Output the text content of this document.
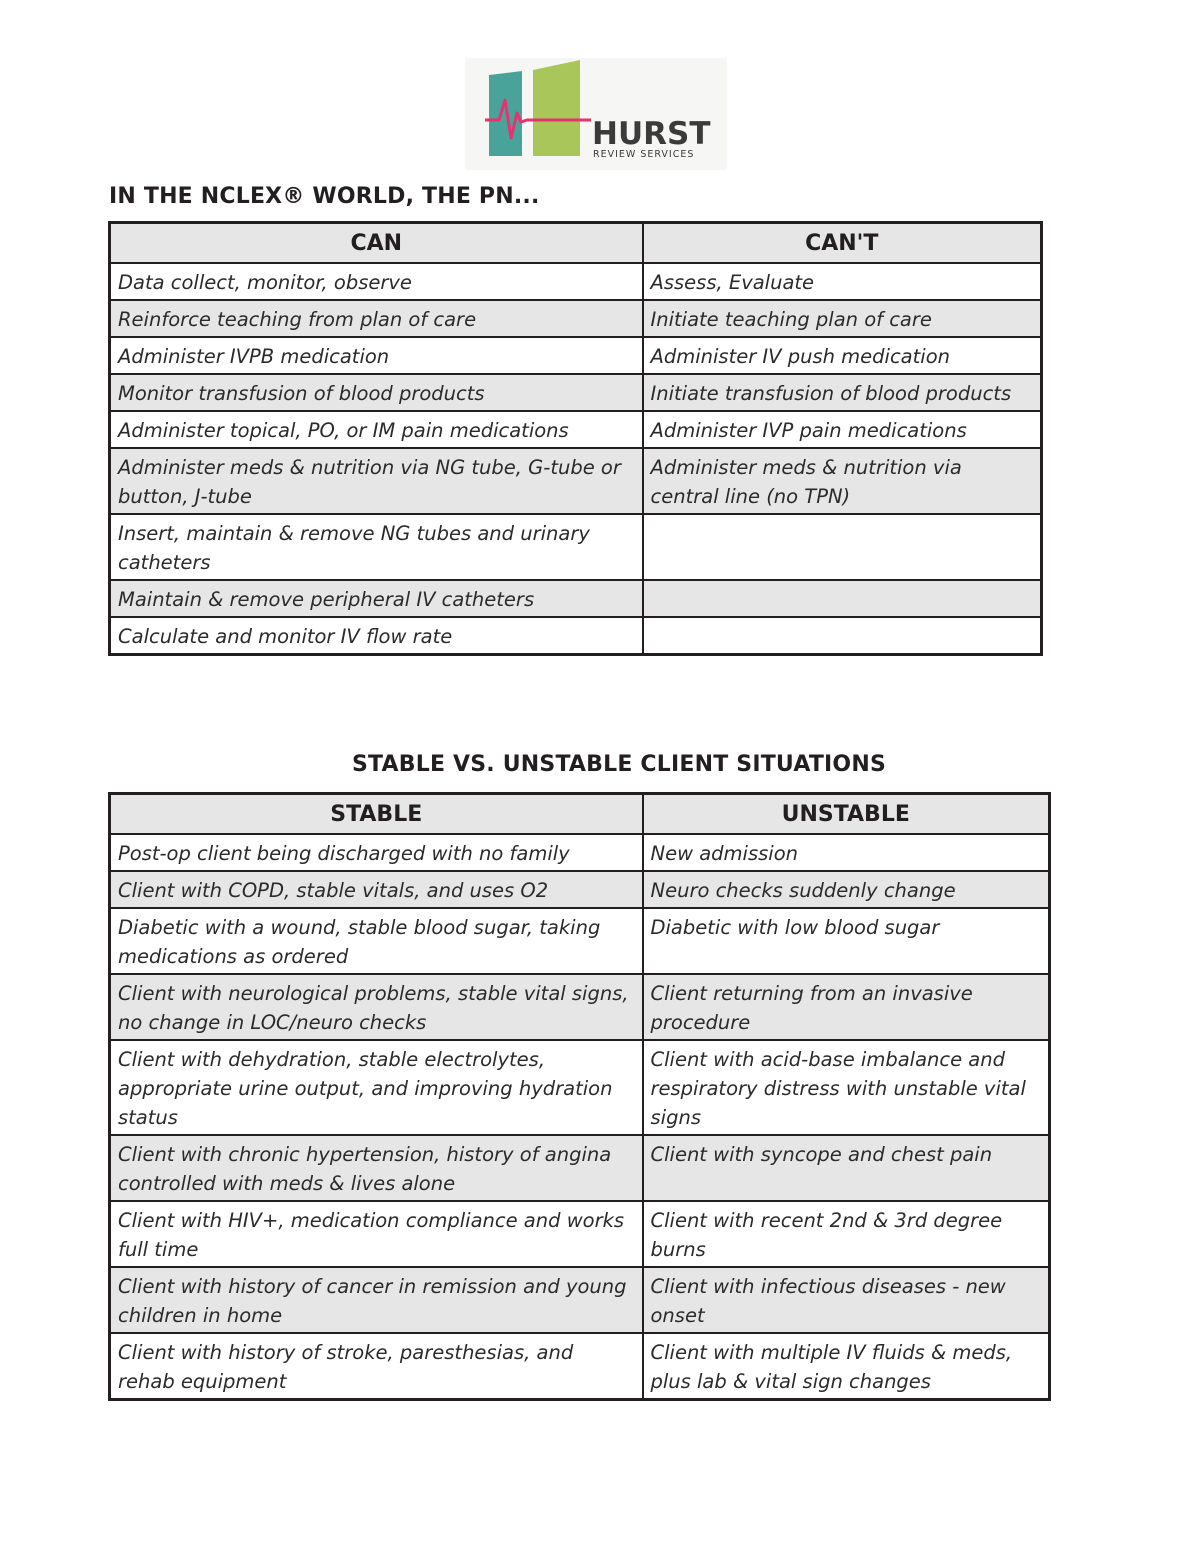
HURST
REVIEW SERVICES
IN THE NCLEX® WORLD, THE PN...
CAN	CAN'T
Data collect, monitor, observe	Assess, Evaluate
Reinforce teaching from plan of care	Initiate teaching plan of care
Administer IVPB medication	Administer IV push medication
Monitor transfusion of blood products	Initiate transfusion of blood products
Administer topical, PO, or IM pain medications	Administer IVP pain medications
Administer meds & nutrition via NG tube, G-tube or button, J-tube	Administer meds & nutrition via central line (no TPN)
Insert, maintain & remove NG tubes and urinary catheters	
Maintain & remove peripheral IV catheters	
Calculate and monitor IV flow rate	
STABLE VS. UNSTABLE CLIENT SITUATIONS
STABLE	UNSTABLE
Post-op client being discharged with no family	New admission
Client with COPD, stable vitals, and uses O2	Neuro checks suddenly change
Diabetic with a wound, stable blood sugar, taking medications as ordered	Diabetic with low blood sugar
Client with neurological problems, stable vital signs, no change in LOC/neuro checks	Client returning from an invasive procedure
Client with dehydration, stable electrolytes, appropriate urine output, and improving hydration status	Client with acid-base imbalance and respiratory distress with unstable vital signs
Client with chronic hypertension, history of angina controlled with meds & lives alone	Client with syncope and chest pain
Client with HIV+, medication compliance and works full time	Client with recent 2nd & 3rd degree burns
Client with history of cancer in remission and young children in home	Client with infectious diseases - new onset
Client with history of stroke, paresthesias, and rehab equipment	Client with multiple IV fluids & meds, plus lab & vital sign changes
